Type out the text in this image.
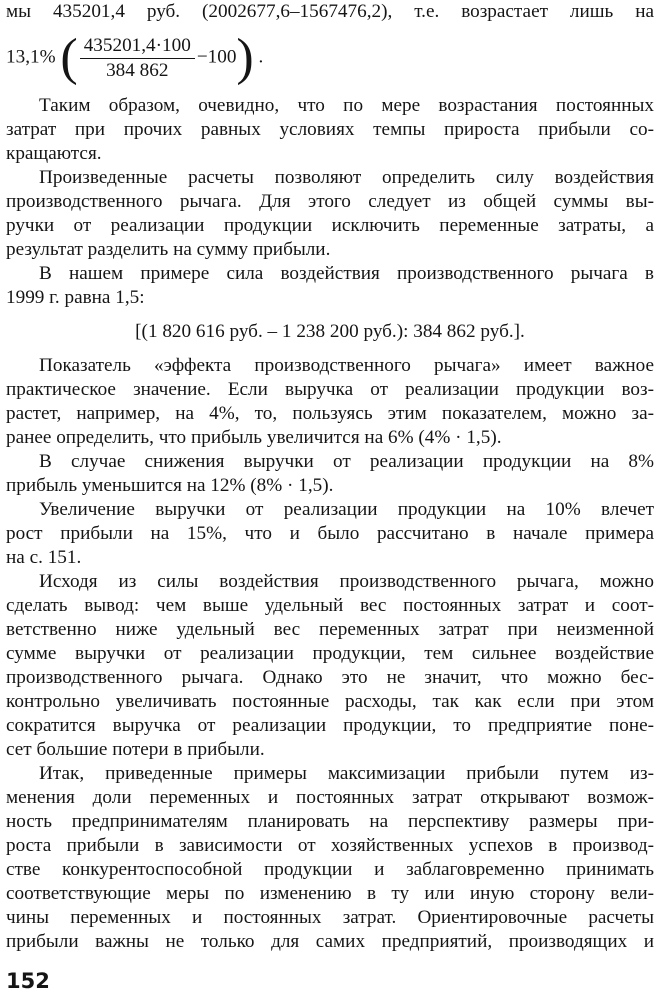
мы 435201,4 руб. (2002677,6–1567476,2), т.е. возрастает лишь на
13,1% ( $\frac{435201,4\cdot 100}{384 862} -100$) .
Таким образом, очевидно, что по мере возрастания постоянных
затрат при прочих равных условиях темпы прироста прибыли со-
кращаются.
Произведенные расчеты позволяют определить силу воздействия
производственного рычага. Для этого следует из общей суммы вы-
ручки от реализации продукции исключить переменные затраты, а
результат разделить на сумму прибыли.
В нашем примере сила воздействия производственного рычага в
1999 г. равна 1,5:
[(1 820 616 руб. – 1 238 200 руб.): 384 862 руб.].
Показатель «эффекта производственного рычага» имеет важное
практическое значение. Если выручка от реализации продукции воз-
растет, например, на 4%, то, пользуясь этим показателем, можно за-
ранее определить, что прибыль увеличится на 6% (4% · 1,5).
В случае снижения выручки от реализации продукции на 8%
прибыль уменьшится на 12% (8% · 1,5).
Увеличение выручки от реализации продукции на 10% влечет
рост прибыли на 15%, что и было рассчитано в начале примера
на с. 151.
Исходя из силы воздействия производственного рычага, можно
сделать вывод: чем выше удельный вес постоянных затрат и соот-
ветственно ниже удельный вес переменных затрат при неизменной
сумме выручки от реализации продукции, тем сильнее воздействие
производственного рычага. Однако это не значит, что можно бес-
контрольно увеличивать постоянные расходы, так как если при этом
сократится выручка от реализации продукции, то предприятие поне-
сет большие потери в прибыли.
Итак, приведенные примеры максимизации прибыли путем из-
менения доли переменных и постоянных затрат открывают возмож-
ность предпринимателям планировать на перспективу размеры при-
роста прибыли в зависимости от хозяйственных успехов в производ-
стве конкурентоспособной продукции и заблаговременно принимать
соответствующие меры по изменению в ту или иную сторону вели-
чины переменных и постоянных затрат. Ориентировочные расчеты
прибыли важны не только для самих предприятий, производящих и
152
